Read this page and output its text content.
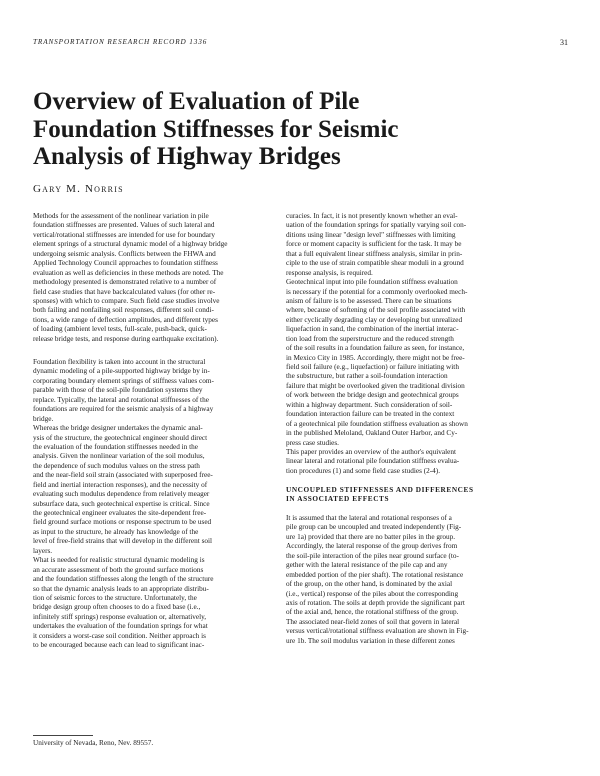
TRANSPORTATION RESEARCH RECORD 1336	31
Overview of Evaluation of Pile
Foundation Stiffnesses for Seismic
Analysis of Highway Bridges
Gary M. Norris
Methods for the assessment of the nonlinear variation in pile
foundation stiffnesses are presented. Values of such lateral and
vertical/rotational stiffnesses are intended for use for boundary
element springs of a structural dynamic model of a highway bridge
undergoing seismic analysis. Conflicts between the FHWA and
Applied Technology Council approaches to foundation stiffness
evaluation as well as deficiencies in these methods are noted. The
methodology presented is demonstrated relative to a number of
field case studies that have backcalculated values (for other re-
sponses) with which to compare. Such field case studies involve
both failing and nonfailing soil responses, different soil condi-
tions, a wide range of deflection amplitudes, and different types
of loading (ambient level tests, full-scale, push-back, quick-
release bridge tests, and response during earthquake excitation).
Foundation flexibility is taken into account in the structural
dynamic modeling of a pile-supported highway bridge by in-
corporating boundary element springs of stiffness values com-
parable with those of the soil-pile foundation systems they
replace. Typically, the lateral and rotational stiffnesses of the
foundations are required for the seismic analysis of a highway
bridge.
Whereas the bridge designer undertakes the dynamic anal-
ysis of the structure, the geotechnical engineer should direct
the evaluation of the foundation stiffnesses needed in the
analysis. Given the nonlinear variation of the soil modulus,
the dependence of such modulus values on the stress path
and the near-field soil strain (associated with superposed free-
field and inertial interaction responses), and the necessity of
evaluating such modulus dependence from relatively meager
subsurface data, such geotechnical expertise is critical. Since
the geotechnical engineer evaluates the site-dependent free-
field ground surface motions or response spectrum to be used
as input to the structure, he already has knowledge of the
level of free-field strains that will develop in the different soil
layers.
What is needed for realistic structural dynamic modeling is
an accurate assessment of both the ground surface motions
and the foundation stiffnesses along the length of the structure
so that the dynamic analysis leads to an appropriate distribu-
tion of seismic forces to the structure. Unfortunately, the
bridge design group often chooses to do a fixed base (i.e.,
infinitely stiff springs) response evaluation or, alternatively,
undertakes the evaluation of the foundation springs for what
it considers a worst-case soil condition. Neither approach is
to be encouraged because each can lead to significant inac-
curacies. In fact, it is not presently known whether an eval-
uation of the foundation springs for spatially varying soil con-
ditions using linear "design level" stiffnesses with limiting
force or moment capacity is sufficient for the task. It may be
that a full equivalent linear stiffness analysis, similar in prin-
ciple to the use of strain compatible shear moduli in a ground
response analysis, is required.
Geotechnical input into pile foundation stiffness evaluation
is necessary if the potential for a commonly overlooked mech-
anism of failure is to be assessed. There can be situations
where, because of softening of the soil profile associated with
either cyclically degrading clay or developing but unrealized
liquefaction in sand, the combination of the inertial interac-
tion load from the superstructure and the reduced strength
of the soil results in a foundation failure as seen, for instance,
in Mexico City in 1985. Accordingly, there might not be free-
field soil failure (e.g., liquefaction) or failure initiating with
the substructure, but rather a soil-foundation interaction
failure that might be overlooked given the traditional division
of work between the bridge design and geotechnical groups
within a highway department. Such consideration of soil-
foundation interaction failure can be treated in the context
of a geotechnical pile foundation stiffness evaluation as shown
in the published Meloland, Oakland Outer Harbor, and Cy-
press case studies.
This paper provides an overview of the author's equivalent
linear lateral and rotational pile foundation stiffness evalua-
tion procedures (1) and some field case studies (2-4).
UNCOUPLED STIFFNESSES AND DIFFERENCES
IN ASSOCIATED EFFECTS
It is assumed that the lateral and rotational responses of a
pile group can be uncoupled and treated independently (Fig-
ure 1a) provided that there are no batter piles in the group.
Accordingly, the lateral response of the group derives from
the soil-pile interaction of the piles near ground surface (to-
gether with the lateral resistance of the pile cap and any
embedded portion of the pier shaft). The rotational resistance
of the group, on the other hand, is dominated by the axial
(i.e., vertical) response of the piles about the corresponding
axis of rotation. The soils at depth provide the significant part
of the axial and, hence, the rotational stiffness of the group.
The associated near-field zones of soil that govern in lateral
versus vertical/rotational stiffness evaluation are shown in Fig-
ure 1b. The soil modulus variation in these different zones
University of Nevada, Reno, Nev. 89557.
